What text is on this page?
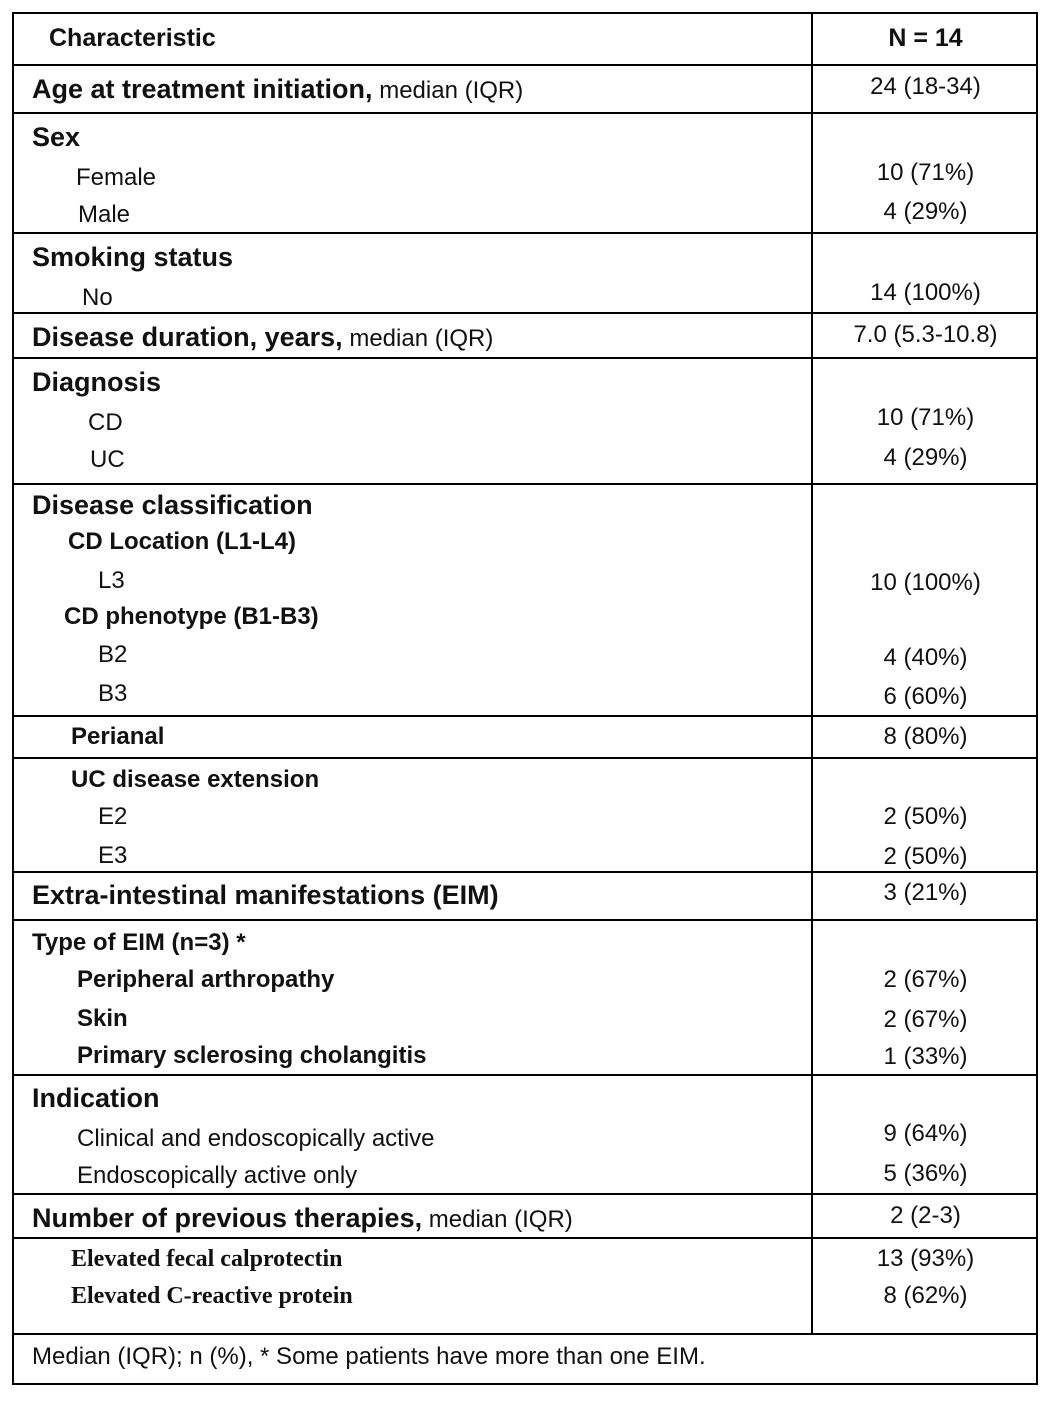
Characteristic	N = 14
Age at treatment initiation, median (IQR)	24 (18-34)
Sex
Female	10 (71%)
Male	4 (29%)
Smoking status
No	14 (100%)
Disease duration, years, median (IQR)	7.0 (5.3-10.8)
Diagnosis
CD	10 (71%)
UC	4 (29%)
Disease classification
CD Location (L1-L4)
L3	10 (100%)
CD phenotype (B1-B3)
B2	4 (40%)
B3	6 (60%)
Perianal	8 (80%)
UC disease extension
E2	2 (50%)
E3	2 (50%)
Extra-intestinal manifestations (EIM)	3 (21%)
Type of EIM (n=3) *
Peripheral arthropathy	2 (67%)
Skin	2 (67%)
Primary sclerosing cholangitis	1 (33%)
Indication
Clinical and endoscopically active	9 (64%)
Endoscopically active only	5 (36%)
Number of previous therapies, median (IQR)	2 (2-3)
Elevated fecal calprotectin	13 (93%)
Elevated C-reactive protein	8 (62%)
Median (IQR); n (%), * Some patients have more than one EIM.
